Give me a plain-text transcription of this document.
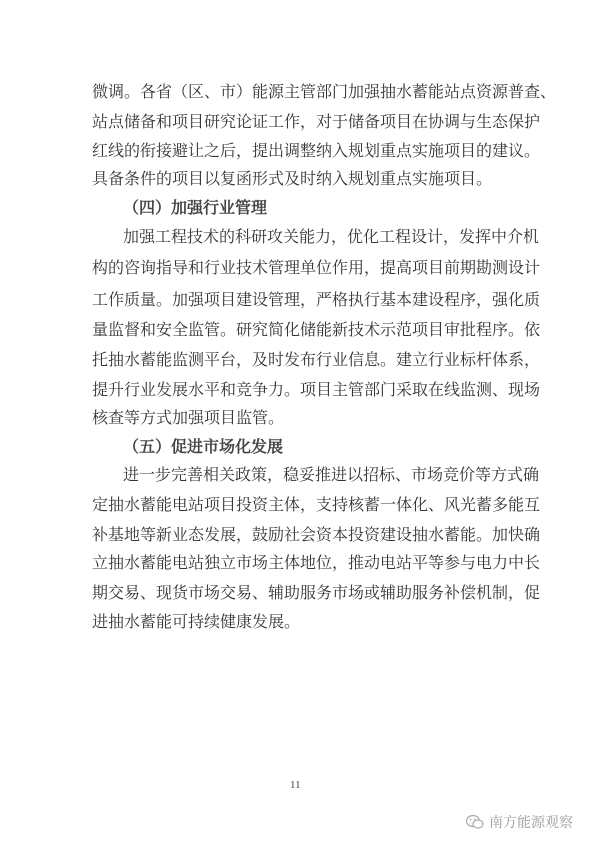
微调。各省（区、市）能源主管部门加强抽水蓄能站点资源普查、
站点储备和项目研究论证工作，对于储备项目在协调与生态保护
红线的衔接避让之后，提出调整纳入规划重点实施项目的建议。
具备条件的项目以复函形式及时纳入规划重点实施项目。
（四）加强行业管理
加强工程技术的科研攻关能力，优化工程设计，发挥中介机
构的咨询指导和行业技术管理单位作用，提高项目前期勘测设计
工作质量。加强项目建设管理，严格执行基本建设程序，强化质
量监督和安全监管。研究简化储能新技术示范项目审批程序。依
托抽水蓄能监测平台，及时发布行业信息。建立行业标杆体系，
提升行业发展水平和竞争力。项目主管部门采取在线监测、现场
核查等方式加强项目监管。
（五）促进市场化发展
进一步完善相关政策，稳妥推进以招标、市场竞价等方式确
定抽水蓄能电站项目投资主体，支持核蓄一体化、风光蓄多能互
补基地等新业态发展，鼓励社会资本投资建设抽水蓄能。加快确
立抽水蓄能电站独立市场主体地位，推动电站平等参与电力中长
期交易、现货市场交易、辅助服务市场或辅助服务补偿机制，促
进抽水蓄能可持续健康发展。
11
南方能源观察
